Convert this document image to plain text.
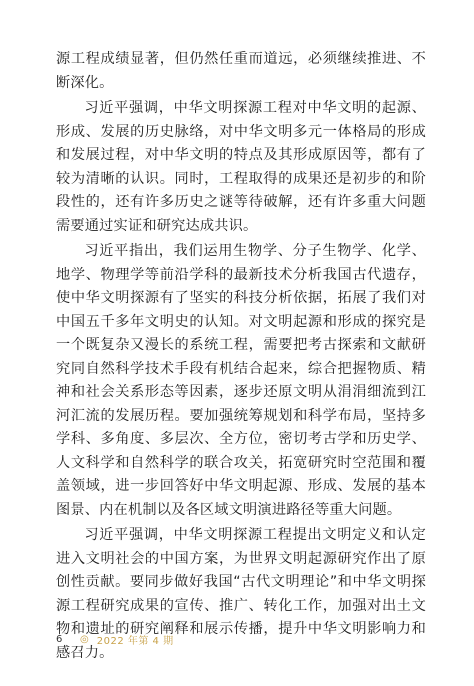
源工程成绩显著，但仍然任重而道远，必须继续推进、不断深化。

习近平强调，中华文明探源工程对中华文明的起源、形成、发展的历史脉络，对中华文明多元一体格局的形成和发展过程，对中华文明的特点及其形成原因等，都有了较为清晰的认识。同时，工程取得的成果还是初步的和阶段性的，还有许多历史之谜等待破解，还有许多重大问题需要通过实证和研究达成共识。

习近平指出，我们运用生物学、分子生物学、化学、地学、物理学等前沿学科的最新技术分析我国古代遗存，使中华文明探源有了坚实的科技分析依据，拓展了我们对中国五千多年文明史的认知。对文明起源和形成的探究是一个既复杂又漫长的系统工程，需要把考古探索和文献研究同自然科学技术手段有机结合起来，综合把握物质、精神和社会关系形态等因素，逐步还原文明从涓涓细流到江河汇流的发展历程。要加强统筹规划和科学布局，坚持多学科、多角度、多层次、全方位，密切考古学和历史学、人文科学和自然科学的联合攻关，拓宽研究时空范围和覆盖领域，进一步回答好中华文明起源、形成、发展的基本图景、内在机制以及各区域文明演进路径等重大问题。

习近平强调，中华文明探源工程提出文明定义和认定进入文明社会的中国方案，为世界文明起源研究作出了原创性贡献。要同步做好我国“古代文明理论”和中华文明探源工程研究成果的宣传、推广、转化工作，加强对出土文物和遗址的研究阐释和展示传播，提升中华文明影响力和感召力。

6	◎ 2022 年第 4 期
